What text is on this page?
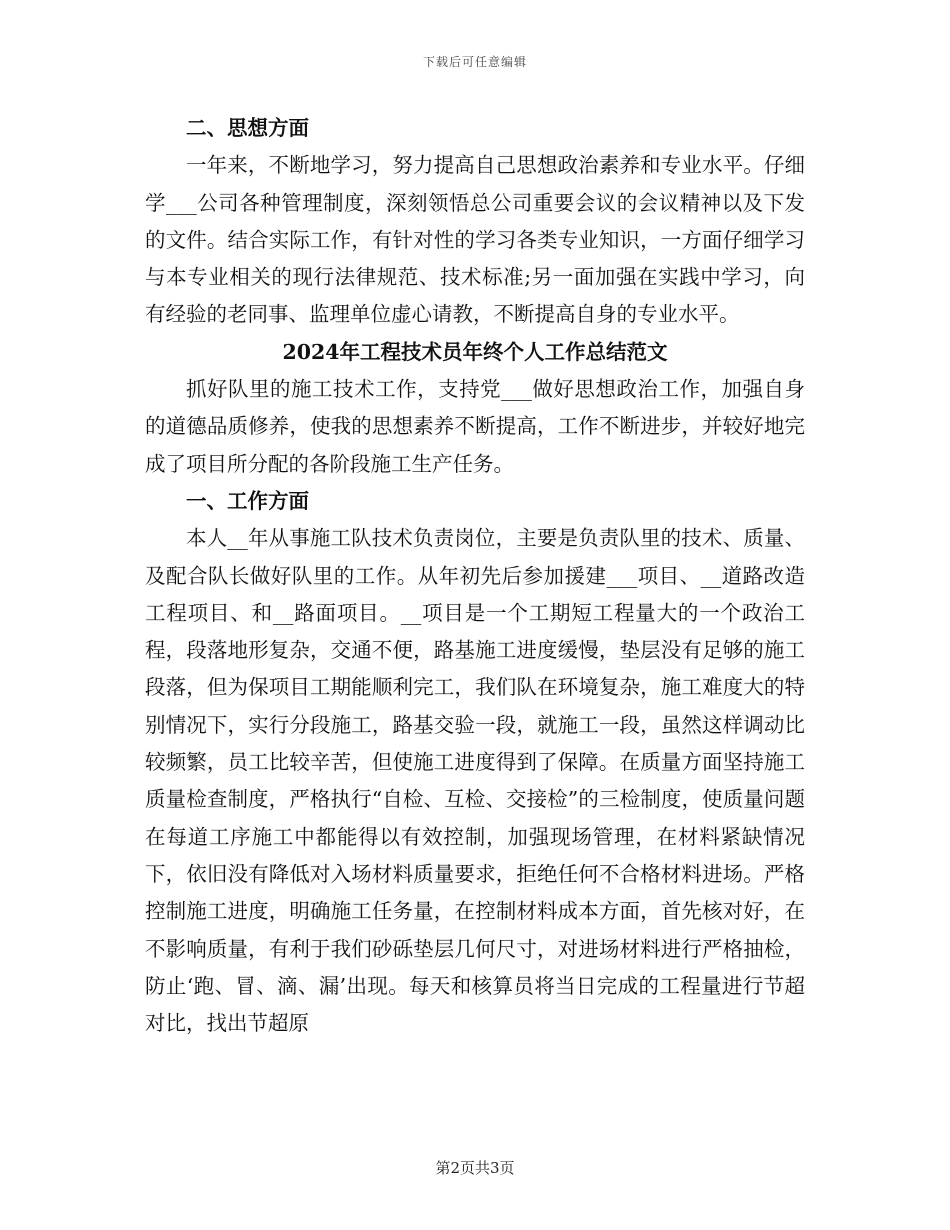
下载后可任意编辑

二、思想方面

一年来，不断地学习，努力提高自己思想政治素养和专业水平。仔细学___公司各种管理制度，深刻领悟总公司重要会议的会议精神以及下发的文件。结合实际工作，有针对性的学习各类专业知识，一方面仔细学习与本专业相关的现行法律规范、技术标准;另一面加强在实践中学习，向有经验的老同事、监理单位虚心请教，不断提高自身的专业水平。

2024年工程技术员年终个人工作总结范文

抓好队里的施工技术工作，支持党___做好思想政治工作，加强自身的道德品质修养，使我的思想素养不断提高，工作不断进步，并较好地完成了项目所分配的各阶段施工生产任务。

一、工作方面

本人__年从事施工队技术负责岗位，主要是负责队里的技术、质量、及配合队长做好队里的工作。从年初先后参加援建___项目、__道路改造工程项目、和__路面项目。__项目是一个工期短工程量大的一个政治工程，段落地形复杂，交通不便，路基施工进度缓慢，垫层没有足够的施工段落，但为保项目工期能顺利完工，我们队在环境复杂，施工难度大的特别情况下，实行分段施工，路基交验一段，就施工一段，虽然这样调动比较频繁，员工比较辛苦，但使施工进度得到了保障。在质量方面坚持施工质量检查制度，严格执行“自检、互检、交接检”的三检制度，使质量问题在每道工序施工中都能得以有效控制，加强现场管理，在材料紧缺情况下，依旧没有降低对入场材料质量要求，拒绝任何不合格材料进场。严格控制施工进度，明确施工任务量，在控制材料成本方面，首先核对好，在不影响质量，有利于我们砂砾垫层几何尺寸，对进场材料进行严格抽检，防止‘跑、冒、滴、漏’出现。每天和核算员将当日完成的工程量进行节超对比，找出节超原

第2页共3页
